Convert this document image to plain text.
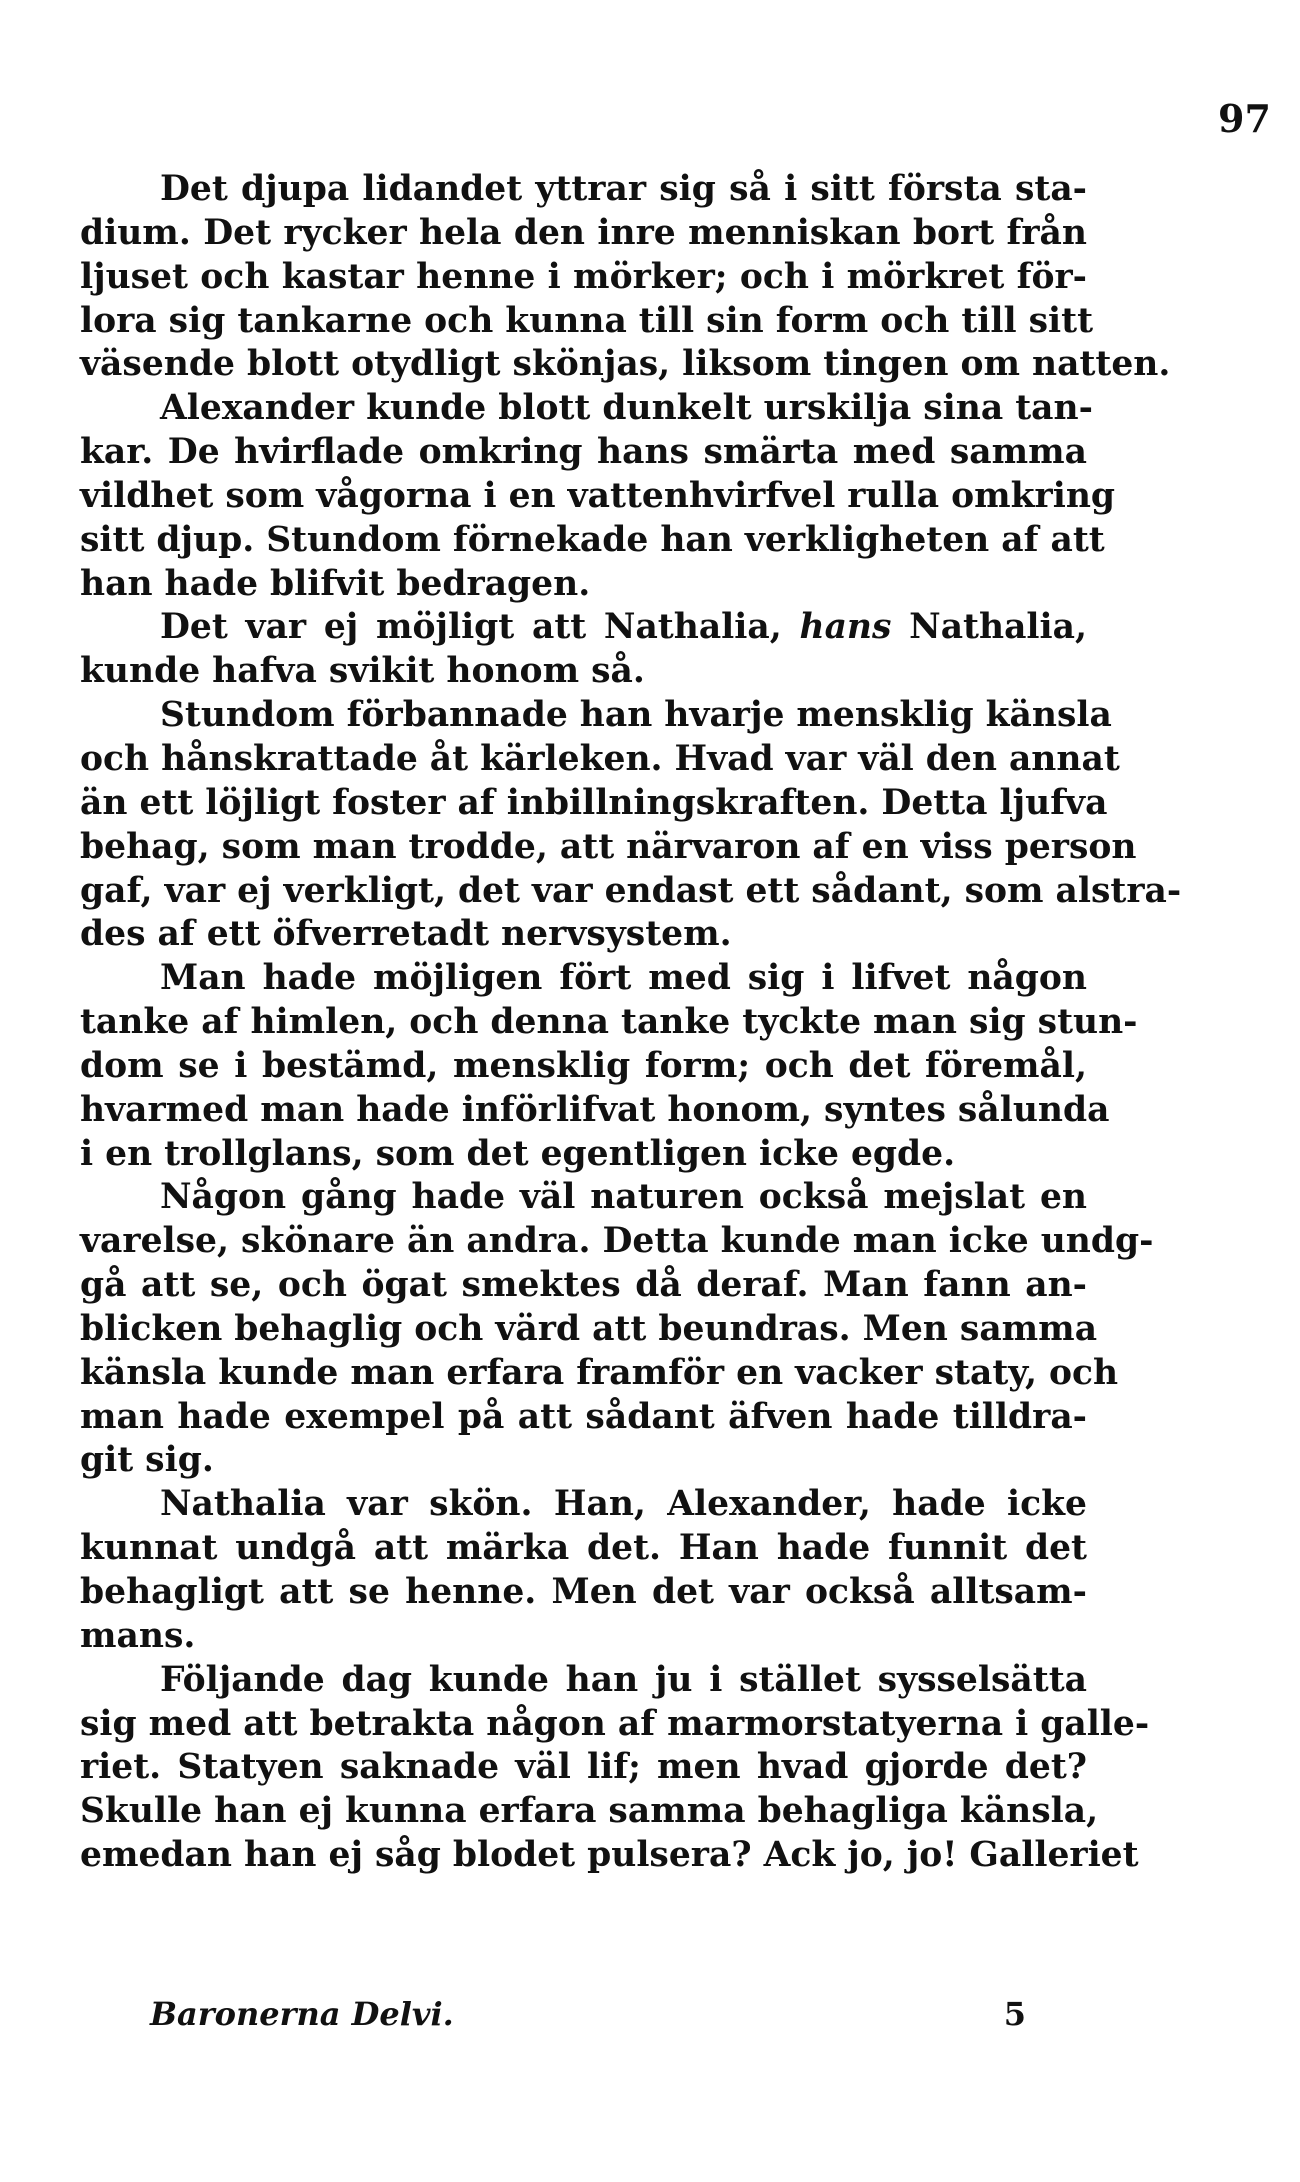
97
Det djupa lidandet yttrar sig så i sitt första sta-
dium. Det rycker hela den inre menniskan bort från
ljuset och kastar henne i mörker; och i mörkret för-
lora sig tankarne och kunna till sin form och till sitt
väsende blott otydligt skönjas, liksom tingen om natten.
Alexander kunde blott dunkelt urskilja sina tan-
kar. De hvirflade omkring hans smärta med samma
vildhet som vågorna i en vattenhvirfvel rulla omkring
sitt djup. Stundom förnekade han verkligheten af att
han hade blifvit bedragen.
Det var ej möjligt att Nathalia, hans Nathalia,
kunde hafva svikit honom så.
Stundom förbannade han hvarje mensklig känsla
och hånskrattade åt kärleken. Hvad var väl den annat
än ett löjligt foster af inbillningskraften. Detta ljufva
behag, som man trodde, att närvaron af en viss person
gaf, var ej verkligt, det var endast ett sådant, som alstra-
des af ett öfverretadt nervsystem.
Man hade möjligen fört med sig i lifvet någon
tanke af himlen, och denna tanke tyckte man sig stun-
dom se i bestämd, mensklig form; och det föremål,
hvarmed man hade införlifvat honom, syntes sålunda
i en trollglans, som det egentligen icke egde.
Någon gång hade väl naturen också mejslat en
varelse, skönare än andra. Detta kunde man icke undg-
gå att se, och ögat smektes då deraf. Man fann an-
blicken behaglig och värd att beundras. Men samma
känsla kunde man erfara framför en vacker staty, och
man hade exempel på att sådant äfven hade tilldra-
git sig.
Nathalia var skön. Han, Alexander, hade icke
kunnat undgå att märka det. Han hade funnit det
behagligt att se henne. Men det var också alltsam-
mans.
Följande dag kunde han ju i stället sysselsätta
sig med att betrakta någon af marmorstatyerna i galle-
riet. Statyen saknade väl lif; men hvad gjorde det?
Skulle han ej kunna erfara samma behagliga känsla,
emedan han ej såg blodet pulsera? Ack jo, jo! Galleriet
Baronerna Delvi.	5
